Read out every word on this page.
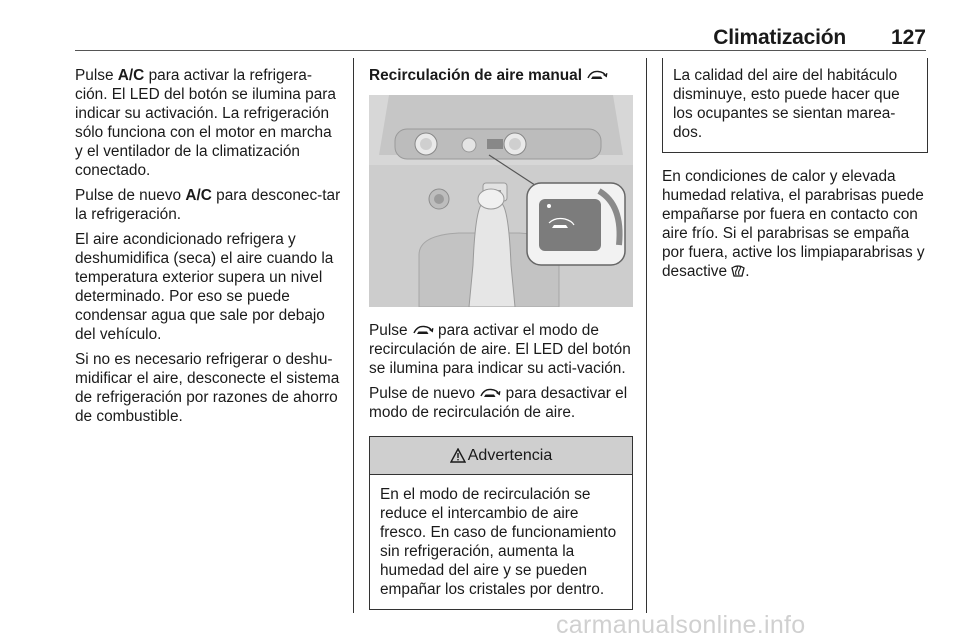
Climatización 127

Pulse A/C para activar la refrigera-ción. El LED del botón se ilumina para indicar su activación. La refrigeración sólo funciona con el motor en marcha y el ventilador de la climatización conectado.

Pulse de nuevo A/C para desconec-tar la refrigeración.

El aire acondicionado refrigera y deshumidifica (seca) el aire cuando la temperatura exterior supera un nivel determinado. Por eso se puede condensar agua que sale por debajo del vehículo.

Si no es necesario refrigerar o deshu-midificar el aire, desconecte el sistema de refrigeración por razones de ahorro de combustible.

Recirculación de aire manual

Pulse  para activar el modo de recirculación de aire. El LED del botón se ilumina para indicar su acti-vación.

Pulse de nuevo  para desactivar el modo de recirculación de aire.

Advertencia
En el modo de recirculación se reduce el intercambio de aire fresco. En caso de funcionamiento sin refrigeración, aumenta la humedad del aire y se pueden empañar los cristales por dentro.
La calidad del aire del habitáculo disminuye, esto puede hacer que los ocupantes se sientan marea-dos.

En condiciones de calor y elevada humedad relativa, el parabrisas puede empañarse por fuera en contacto con aire frío. Si el parabrisas se empaña por fuera, active los limpiaparabrisas y desactive .

carmanualsonline.info
